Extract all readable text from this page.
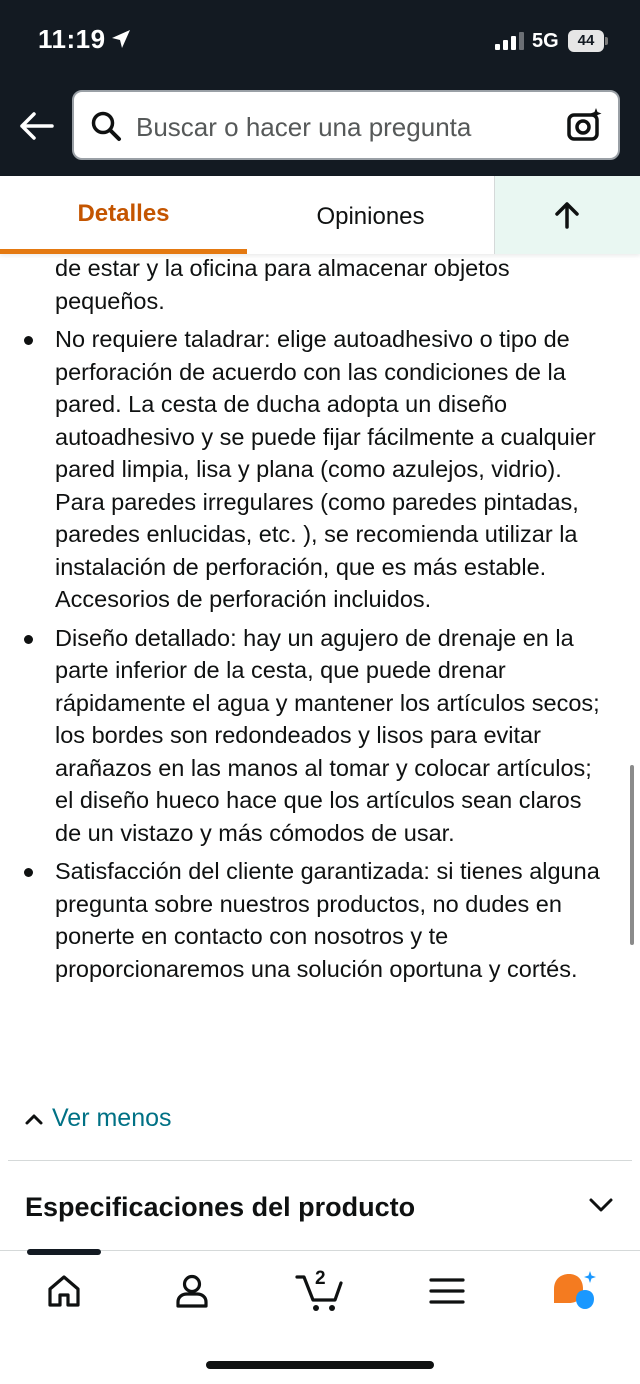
11:19	5G	44
Buscar o hacer una pregunta
Detalles	Opiniones
de estar y la oficina para almacenar objetos pequeños.
No requiere taladrar: elige autoadhesivo o tipo de perforación de acuerdo con las condiciones de la pared. La cesta de ducha adopta un diseño autoadhesivo y se puede fijar fácilmente a cualquier pared limpia, lisa y plana (como azulejos, vidrio). Para paredes irregulares (como paredes pintadas, paredes enlucidas, etc. ), se recomienda utilizar la instalación de perforación, que es más estable. Accesorios de perforación incluidos.
Diseño detallado: hay un agujero de drenaje en la parte inferior de la cesta, que puede drenar rápidamente el agua y mantener los artículos secos; los bordes son redondeados y lisos para evitar arañazos en las manos al tomar y colocar artículos; el diseño hueco hace que los artículos sean claros de un vistazo y más cómodos de usar.
Satisfacción del cliente garantizada: si tienes alguna pregunta sobre nuestros productos, no dudes en ponerte en contacto con nosotros y te proporcionaremos una solución oportuna y cortés.
Ver menos
Especificaciones del producto
2
